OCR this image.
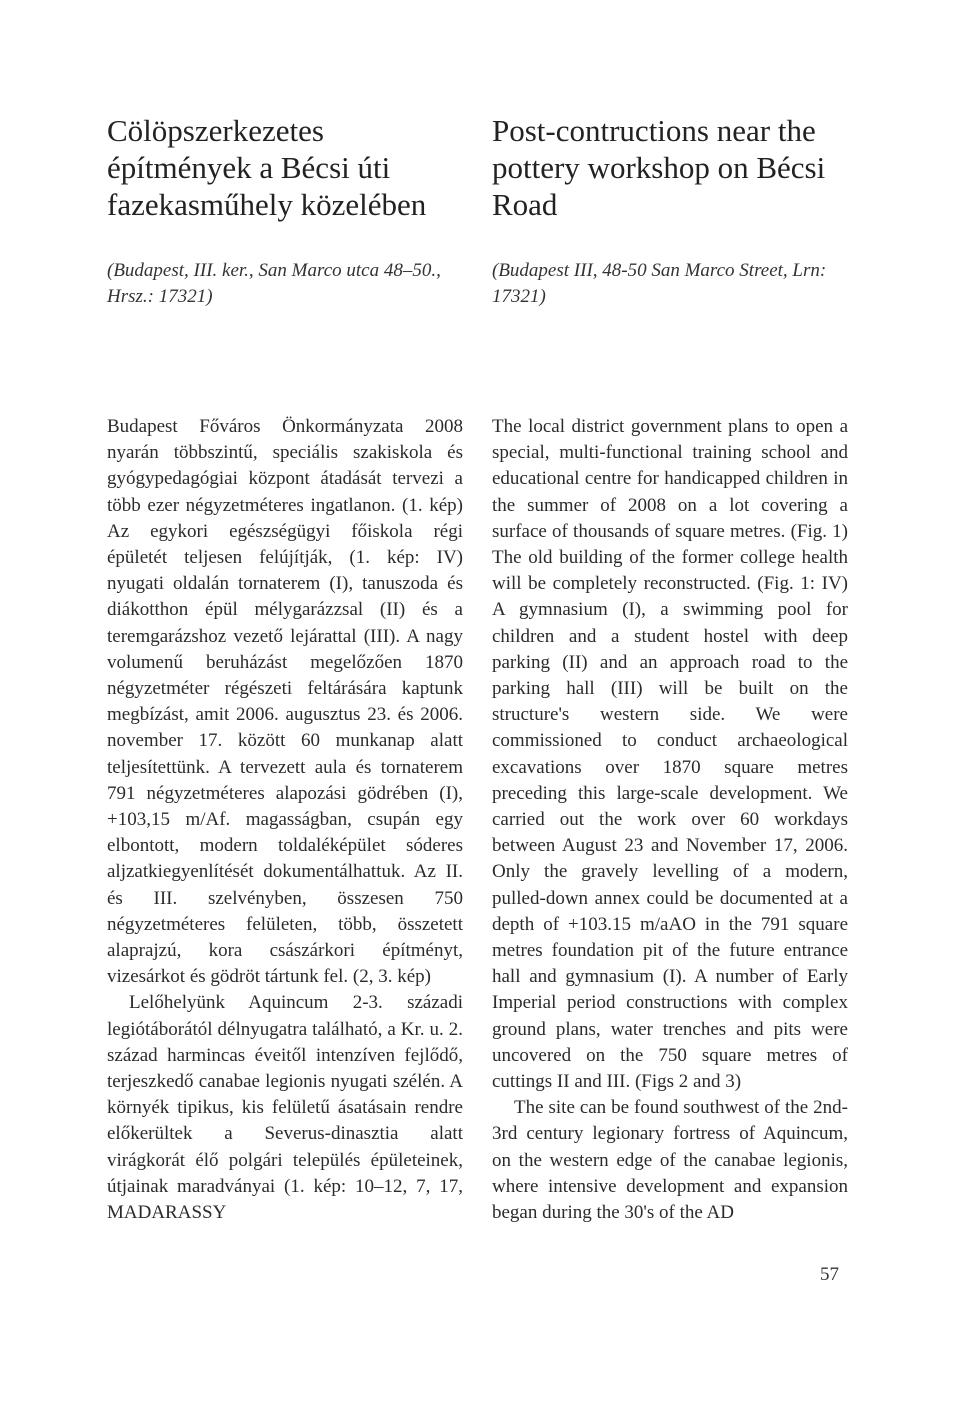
Cölöpszerkezetes építmények a Bécsi úti fazekasműhely közelében
(Budapest, III. ker., San Marco utca 48–50., Hrsz.: 17321)

Budapest Főváros Önkormányzata 2008 nyarán többszintű, speciális szakiskola és gyógypedagógiai központ átadását tervezi a több ezer négyzetméteres ingatlanon. (1. kép) Az egykori egészségügyi főiskola régi épületét teljesen felújítják, (1. kép: IV) nyugati oldalán tornaterem (I), tanuszoda és diákotthon épül mélygarázzsal (II) és a teremgarázshoz vezető lejárattal (III). A nagy volumenű beruházást megelőzően 1870 négyzetméter régészeti feltárására kaptunk megbízást, amit 2006. augusztus 23. és 2006. november 17. között 60 munkanap alatt teljesítettünk. A tervezett aula és tornaterem 791 négyzetméteres alapozási gödrében (I), +103,15 m/Af. magasságban, csupán egy elbontott, modern toldaléképület sóderes aljzatkiegyenlítését dokumentálhattuk. Az II. és III. szelvényben, összesen 750 négyzetméteres felületen, több, összetett alaprajzú, kora császárkori építményt, vizesárkot és gödröt tártunk fel. (2, 3. kép)

Lelőhelyünk Aquincum 2-3. századi legiótáborától délnyugatra található, a Kr. u. 2. század harmincas éveitől intenzíven fejlődő, terjeszkedő canabae legionis nyugati szélén. A környék tipikus, kis felületű ásatásain rendre előkerültek a Severus-dinasztia alatt virágkorát élő polgári település épületeinek, útjainak maradványai (1. kép: 10–12, 7, 17, MADARASSY

Post-contructions near the pottery workshop on Bécsi Road
(Budapest III, 48-50 San Marco Street, Lrn: 17321)

The local district government plans to open a special, multi-functional training school and educational centre for handicapped children in the summer of 2008 on a lot covering a surface of thousands of square metres. (Fig. 1) The old building of the former college health will be completely reconstructed. (Fig. 1: IV) A gymnasium (I), a swimming pool for children and a student hostel with deep parking (II) and an approach road to the parking hall (III) will be built on the structure's western side. We were commissioned to conduct archaeological excavations over 1870 square metres preceding this large-scale development. We carried out the work over 60 workdays between August 23 and November 17, 2006. Only the gravely levelling of a modern, pulled-down annex could be documented at a depth of +103.15 m/aAO in the 791 square metres foundation pit of the future entrance hall and gymnasium (I). A number of Early Imperial period constructions with complex ground plans, water trenches and pits were uncovered on the 750 square metres of cuttings II and III. (Figs 2 and 3)

The site can be found southwest of the 2nd-3rd century legionary fortress of Aquincum, on the western edge of the canabae legionis, where intensive development and expansion began during the 30's of the AD

57
